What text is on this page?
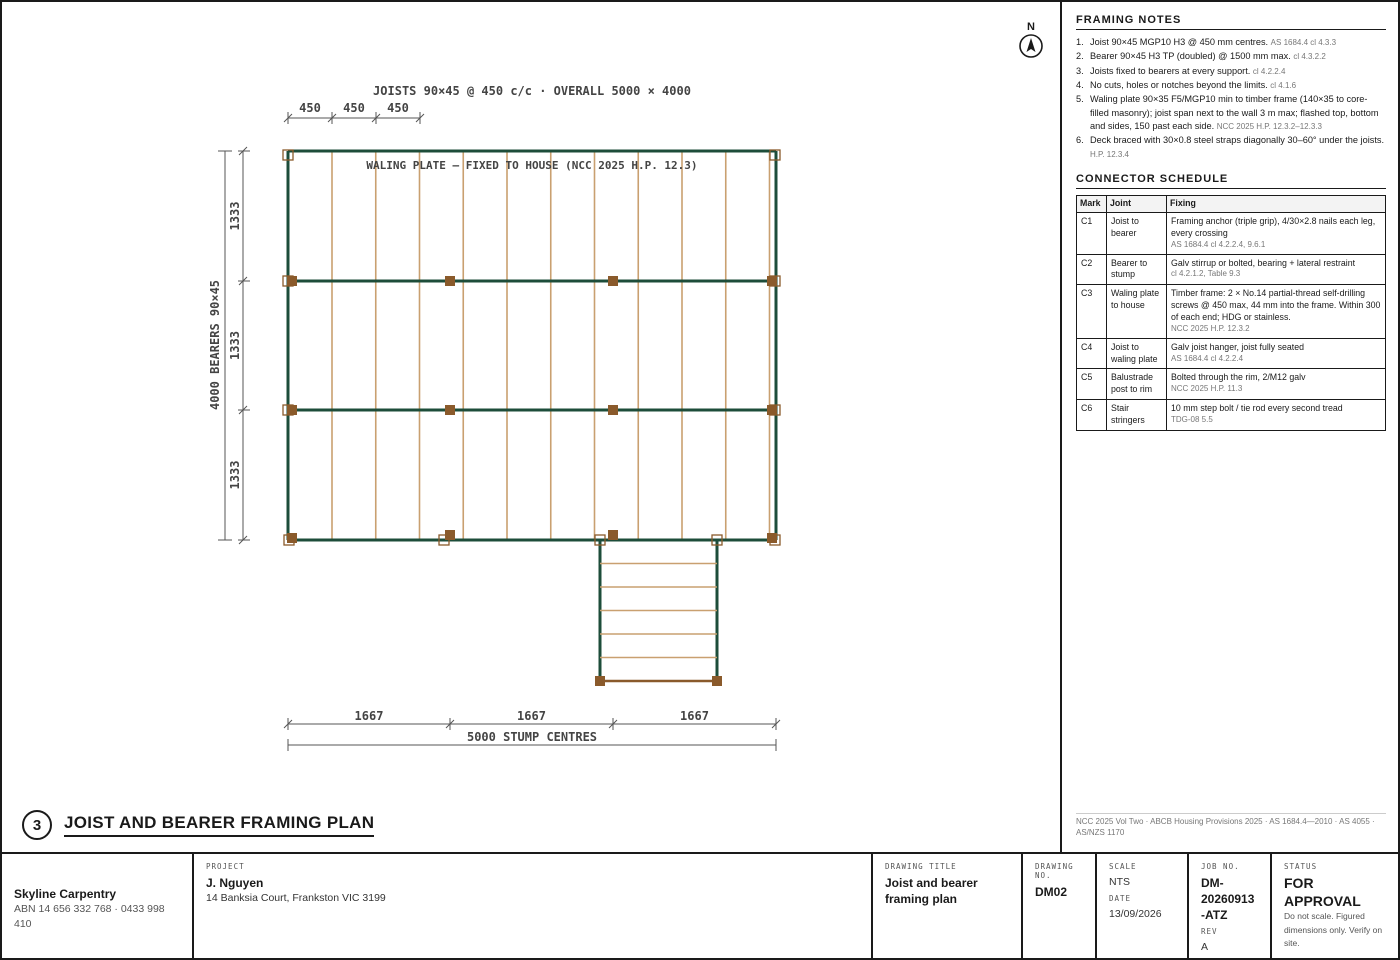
450 450 450
1333
1333
1333
1667	1667	1667
JOISTS 90×45 @ 450 c/c · OVERALL 5000 × 4000
WALING PLATE — FIXED TO HOUSE (NCC 2025 H.P. 12.3)
4000 BEARERS 90×45
5000 STUMP CENTRES
N
3	JOIST AND BEARER FRAMING PLAN
FRAMING NOTES
1. Joist 90×45 MGP10 H3 @ 450 mm centres. AS 1684.4 cl 4.3.3
2. Bearer 90×45 H3 TP (doubled) @ 1500 mm max. cl 4.3.2.2
3. Joists fixed to bearers at every support. cl 4.2.2.4
4. No cuts, holes or notches beyond the limits. cl 4.1.6
5. Waling plate 90×35 F5/MGP10 min to timber frame (140×35 to core-filled masonry); joist span next to the wall 3 m max; flashed top, bottom and sides, 150 past each side. NCC 2025 H.P. 12.3.2–12.3.3
6. Deck braced with 30×0.8 steel straps diagonally 30–60° under the joists. H.P. 12.3.4
CONNECTOR SCHEDULE
Mark	Joint	Fixing
C1	Joist to bearer	Framing anchor (triple grip), 4/30×2.8 nails each leg, every crossing
AS 1684.4 cl 4.2.2.4, 9.6.1

C2	Bearer to stump	Galv stirrup or bolted, bearing + lateral restraint
cl 4.2.1.2, Table 9.3

C3	Waling plate to house	Timber frame: 2 × No.14 partial-thread self-drilling screws @ 450 max, 44 mm into the frame. Within 300 of each end; HDG or stainless.
NCC 2025 H.P. 12.3.2

C4	Joist to waling plate	Galv joist hanger, joist fully seated
AS 1684.4 cl 4.2.2.4

C5	Balustrade post to rim	Bolted through the rim, 2/M12 galv
NCC 2025 H.P. 11.3

C6	Stair stringers	10 mm step bolt / tie rod every second tread
TDG-08 5.5
NCC 2025 Vol Two · ABCB Housing Provisions 2025 · AS 1684.4—2010 · AS 4055 · AS/NZS 1170
Skyline Carpentry
ABN 14 656 332 768 · 0433 998 410
PROJECT
J. Nguyen
14 Banksia Court, Frankston VIC 3199
DRAWING TITLE
Joist and bearer framing plan
DRAWING NO.
DM02
SCALE
NTS
DATE
13/09/2026
JOB NO.
DM-20260913-ATZ
REV
A
STATUS
FOR APPROVAL
Do not scale. Figured dimensions only. Verify on site.
